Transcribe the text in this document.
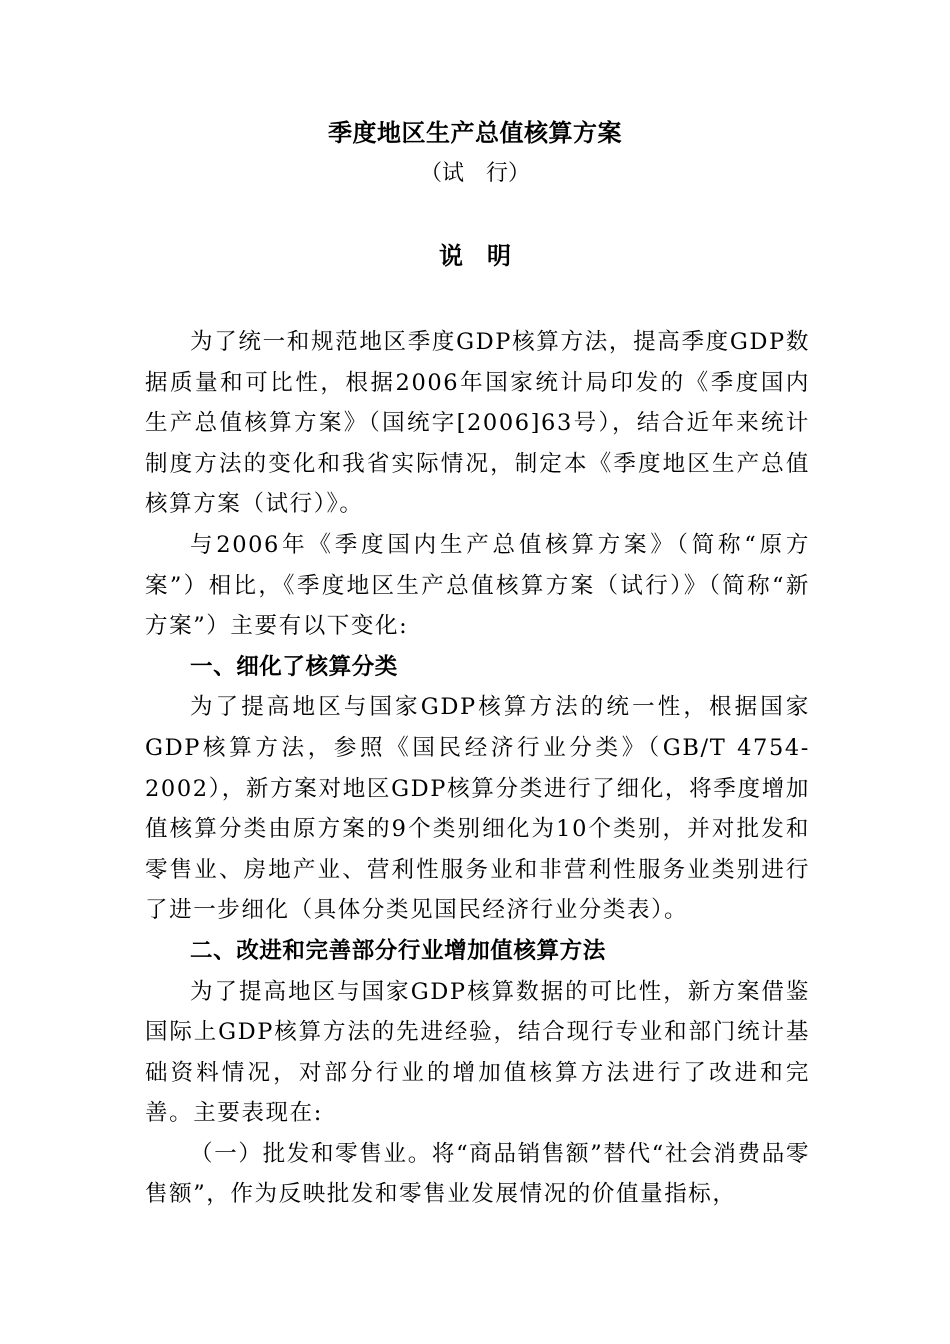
季度地区生产总值核算方案
（试　行）
说　明

为了统一和规范地区季度GDP核算方法，提高季度GDP数据质量和可比性，根据2006年国家统计局印发的《季度国内生产总值核算方案》（国统字[2006]63号），结合近年来统计制度方法的变化和我省实际情况，制定本《季度地区生产总值核算方案（试行）》。

与2006年《季度国内生产总值核算方案》（简称“原方案”）相比，《季度地区生产总值核算方案（试行）》（简称“新方案”）主要有以下变化:

一、细化了核算分类

为了提高地区与国家GDP核算方法的统一性，根据国家GDP核算方法，参照《国民经济行业分类》（GB/T 4754-2002），新方案对地区GDP核算分类进行了细化，将季度增加值核算分类由原方案的9个类别细化为10个类别，并对批发和零售业、房地产业、营利性服务业和非营利性服务业类别进行了进一步细化（具体分类见国民经济行业分类表）。

二、改进和完善部分行业增加值核算方法

为了提高地区与国家GDP核算数据的可比性，新方案借鉴国际上GDP核算方法的先进经验，结合现行专业和部门统计基础资料情况，对部分行业的增加值核算方法进行了改进和完善。主要表现在:

（一）批发和零售业。将“商品销售额”替代“社会消费品零售额”，作为反映批发和零售业发展情况的价值量指标，
